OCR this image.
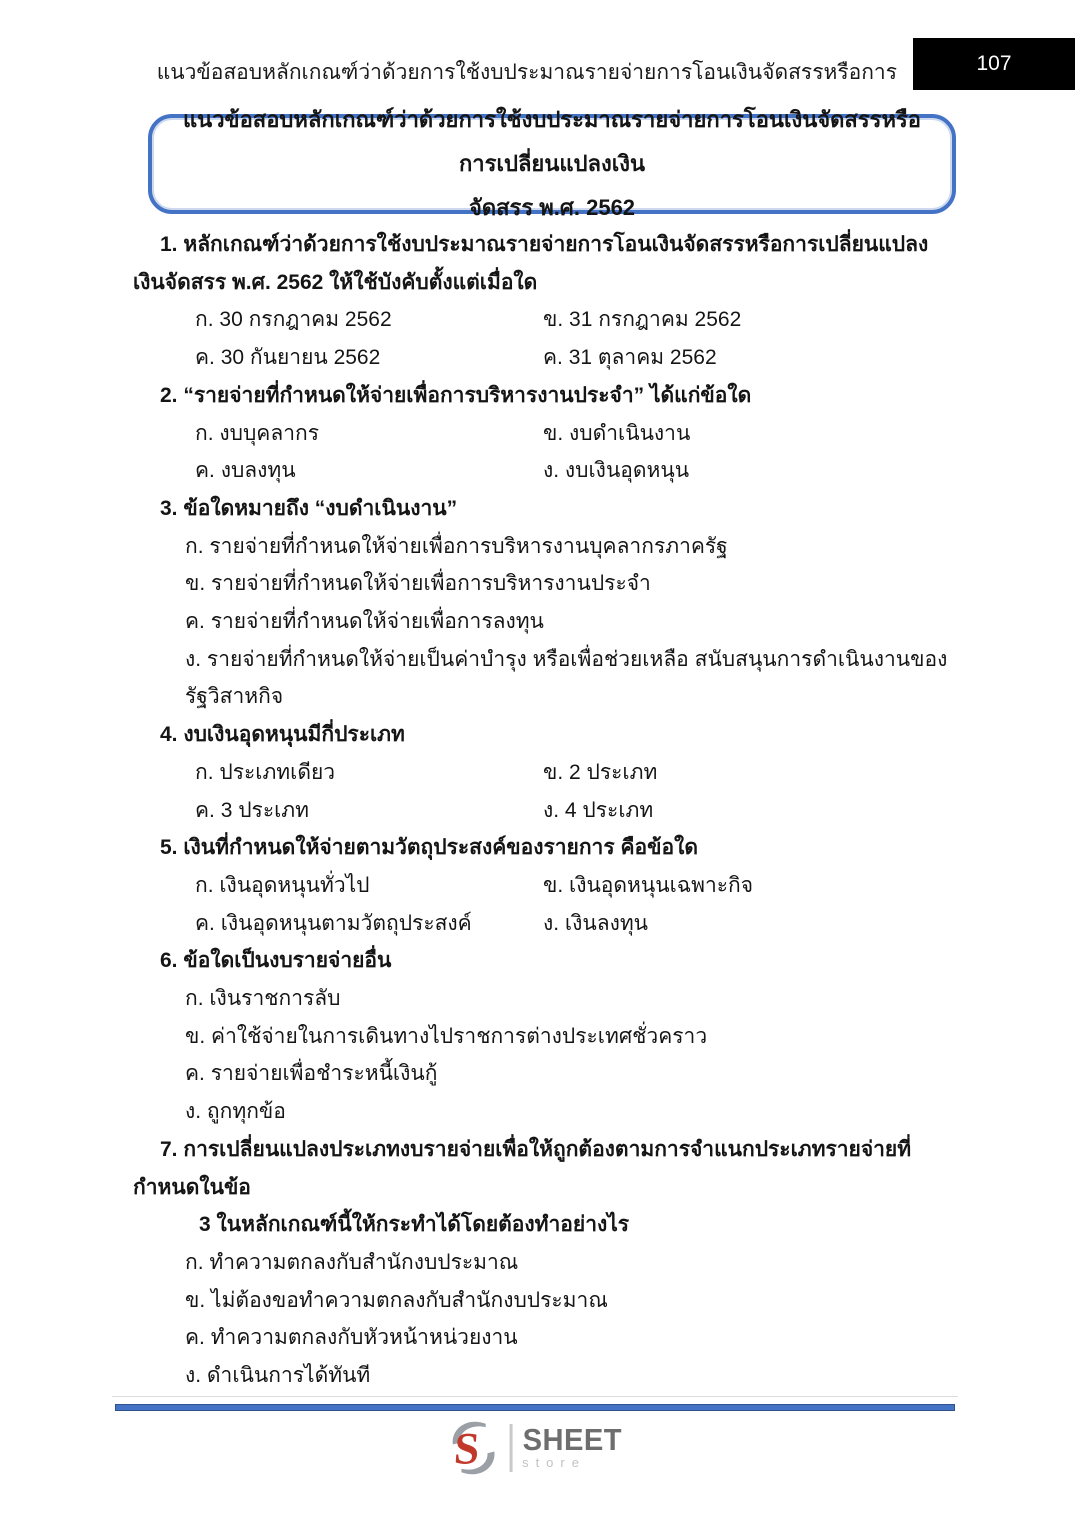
แนวข้อสอบหลักเกณฑ์ว่าด้วยการใช้งบประมาณรายจ่ายการโอนเงินจัดสรรหรือการ	107
แนวข้อสอบหลักเกณฑ์ว่าด้วยการใช้งบประมาณรายจ่ายการโอนเงินจัดสรรหรือการเปลี่ยนแปลงเงิน
จัดสรร พ.ศ. 2562
1. หลักเกณฑ์ว่าด้วยการใช้งบประมาณรายจ่ายการโอนเงินจัดสรรหรือการเปลี่ยนแปลงเงินจัดสรร พ.ศ. 2562 ให้ใช้บังคับตั้งแต่เมื่อใด
ก. 30 กรกฎาคม 2562	ข. 31 กรกฎาคม 2562
ค. 30 กันยายน 2562	ค. 31 ตุลาคม 2562
2. “รายจ่ายที่กำหนดให้จ่ายเพื่อการบริหารงานประจำ” ได้แก่ข้อใด
ก. งบบุคลากร	ข. งบดำเนินงาน
ค. งบลงทุน	ง. งบเงินอุดหนุน
3. ข้อใดหมายถึง “งบดำเนินงาน”
ก. รายจ่ายที่กำหนดให้จ่ายเพื่อการบริหารงานบุคลากรภาครัฐ
ข. รายจ่ายที่กำหนดให้จ่ายเพื่อการบริหารงานประจำ
ค. รายจ่ายที่กำหนดให้จ่ายเพื่อการลงทุน
ง. รายจ่ายที่กำหนดให้จ่ายเป็นค่าบำรุง หรือเพื่อช่วยเหลือ สนับสนุนการดำเนินงานของรัฐวิสาหกิจ
4. งบเงินอุดหนุนมีกี่ประเภท
ก. ประเภทเดียว	ข. 2 ประเภท
ค. 3 ประเภท	ง. 4 ประเภท
5. เงินที่กำหนดให้จ่ายตามวัตถุประสงค์ของรายการ คือข้อใด
ก. เงินอุดหนุนทั่วไป	ข. เงินอุดหนุนเฉพาะกิจ
ค. เงินอุดหนุนตามวัตถุประสงค์	ง. เงินลงทุน
6. ข้อใดเป็นงบรายจ่ายอื่น
ก. เงินราชการลับ
ข. ค่าใช้จ่ายในการเดินทางไปราชการต่างประเทศชั่วคราว
ค. รายจ่ายเพื่อชำระหนี้เงินกู้
ง. ถูกทุกข้อ
7. การเปลี่ยนแปลงประเภทงบรายจ่ายเพื่อให้ถูกต้องตามการจำแนกประเภทรายจ่ายที่กำหนดในข้อ
3 ในหลักเกณฑ์นี้ให้กระทำได้โดยต้องทำอย่างไร
ก. ทำความตกลงกับสำนักงบประมาณ
ข. ไม่ต้องขอทำความตกลงกับสำนักงบประมาณ
ค. ทำความตกลงกับหัวหน้าหน่วยงาน
ง. ดำเนินการได้ทันที
S SHEET
store
